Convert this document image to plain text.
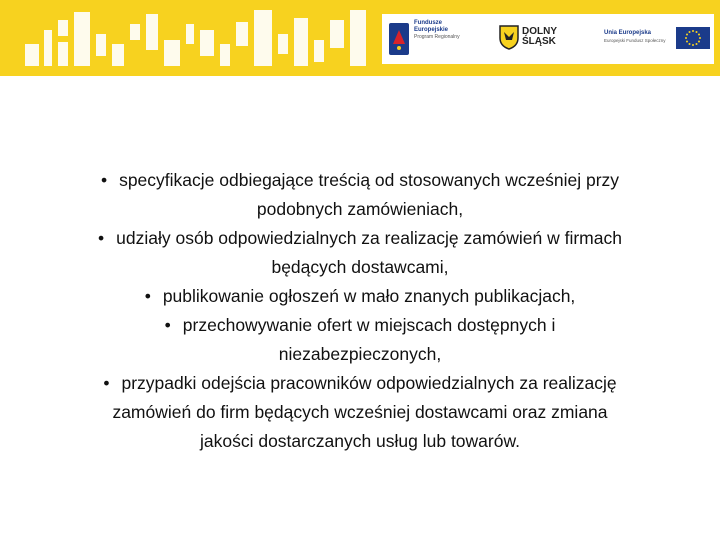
Fundusze
Europejskie
Program Regionalny	DOLNY
ŚLĄSK
Unia Europejska
Europejski Fundusz Społeczny

• specyfikacje odbiegające treścią od stosowanych wcześniej przy
podobnych zamówieniach,

• udziały osób odpowiedzialnych za realizację zamówień w firmach
będących dostawcami,

• publikowanie ogłoszeń w mało znanych publikacjach,

• przechowywanie ofert w miejscach dostępnych i
niezabezpieczonych,

• przypadki odejścia pracowników odpowiedzialnych za realizację
zamówień do firm będących wcześniej dostawcami oraz zmiana
jakości dostarczanych usług lub towarów.
